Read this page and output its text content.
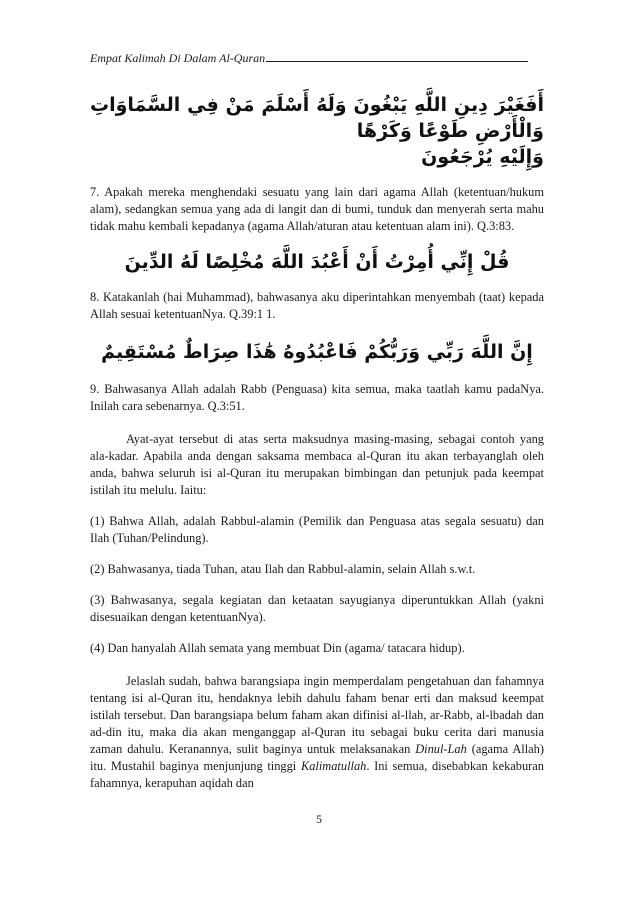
Empat Kalimah Di Dalam Al-Quran
أَفَغَيْرَ دِينِ اللَّهِ يَبْغُونَ وَلَهُ أَسْلَمَ مَنْ فِي السَّمَاوَاتِ وَالْأَرْضِ طَوْعًا وَكَرْهًا
وَإِلَيْهِ يُرْجَعُونَ

7. Apakah mereka menghendaki sesuatu yang lain dari agama Allah (ketentuan/hukum alam), sedangkan semua yang ada di langit dan di bumi, tunduk dan menyerah serta mahu tidak mahu kembali kepadanya (agama Allah/aturan atau ketentuan alam ini). Q.3:83.

قُلْ إِنِّي أُمِرْتُ أَنْ أَعْبُدَ اللَّهَ مُخْلِصًا لَهُ الدِّينَ

8. Katakanlah (hai Muhammad), bahwasanya aku diperintahkan menyembah (taat) kepada Allah sesuai ketentuanNya. Q.39:1 1.

إِنَّ اللَّهَ رَبِّي وَرَبُّكُمْ فَاعْبُدُوهُ هَٰذَا صِرَاطٌ مُسْتَقِيمٌ

9. Bahwasanya Allah adalah Rabb (Penguasa) kita semua, maka taatlah kamu padaNya. Inilah cara sebenarnya. Q.3:51.

Ayat-ayat tersebut di atas serta maksudnya masing-masing, sebagai contoh yang ala-kadar. Apabila anda dengan saksama membaca al-Quran itu akan terbayanglah oleh anda, bahwa seluruh isi al-Quran itu merupakan bimbingan dan petunjuk pada keempat istilah itu melulu. Iaitu:

(1) Bahwa Allah, adalah Rabbul-alamin (Pemilik dan Penguasa atas segala sesuatu) dan Ilah (Tuhan/Pelindung).

(2) Bahwasanya, tiada Tuhan, atau Ilah dan Rabbul-alamin, selain Allah s.w.t.

(3) Bahwasanya, segala kegiatan dan ketaatan sayugianya diperuntukkan Allah (yakni disesuaikan dengan ketentuanNya).

(4) Dan hanyalah Allah semata yang membuat Din (agama/ tatacara hidup).

Jelaslah sudah, bahwa barangsiapa ingin memperdalam pengetahuan dan fahamnya tentang isi al-Quran itu, hendaknya lebih dahulu faham benar erti dan maksud keempat istilah tersebut. Dan barangsiapa belum faham akan difinisi al-llah, ar-Rabb, al-lbadah dan ad-din itu, maka dia akan menganggap al-Quran itu sebagai buku cerita dari manusia zaman dahulu. Keranannya, sulit baginya untuk melaksanakan Dinul-Lah (agama Allah) itu. Mustahil baginya menjunjung tinggi Kalimatullah. Ini semua, disebabkan kekaburan fahamnya, kerapuhan aqidah dan

5
